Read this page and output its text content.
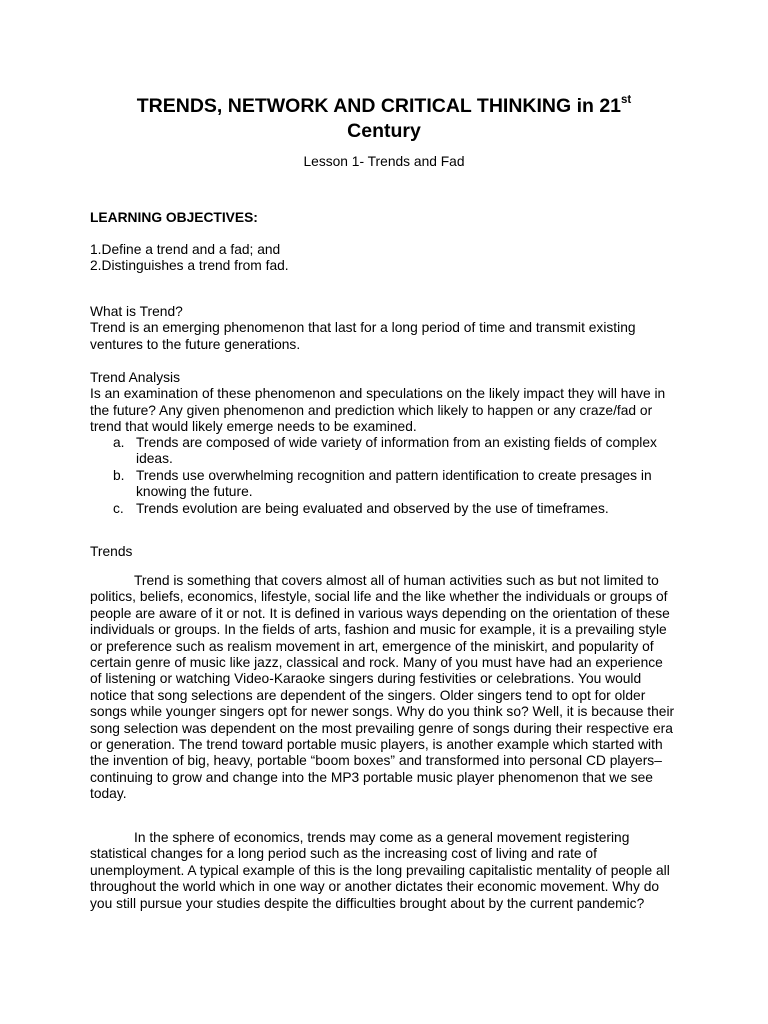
TRENDS, NETWORK AND CRITICAL THINKING in 21st
Century
Lesson 1- Trends and Fad
LEARNING OBJECTIVES:
1.Define a trend and a fad; and
2.Distinguishes a trend from fad.
What is Trend?
Trend is an emerging phenomenon that last for a long period of time and transmit existing
ventures to the future generations.
Trend Analysis
Is an examination of these phenomenon and speculations on the likely impact they will have in
the future? Any given phenomenon and prediction which likely to happen or any craze/fad or
trend that would likely emerge needs to be examined.
a. Trends are composed of wide variety of information from an existing fields of complex
ideas.
b. Trends use overwhelming recognition and pattern identification to create presages in
knowing the future.
c. Trends evolution are being evaluated and observed by the use of timeframes.
Trends
Trend is something that covers almost all of human activities such as but not limited to
politics, beliefs, economics, lifestyle, social life and the like whether the individuals or groups of
people are aware of it or not. It is defined in various ways depending on the orientation of these
individuals or groups. In the fields of arts, fashion and music for example, it is a prevailing style
or preference such as realism movement in art, emergence of the miniskirt, and popularity of
certain genre of music like jazz, classical and rock. Many of you must have had an experience
of listening or watching Video-Karaoke singers during festivities or celebrations. You would
notice that song selections are dependent of the singers. Older singers tend to opt for older
songs while younger singers opt for newer songs. Why do you think so? Well, it is because their
song selection was dependent on the most prevailing genre of songs during their respective era
or generation. The trend toward portable music players, is another example which started with
the invention of big, heavy, portable “boom boxes” and transformed into personal CD players–
continuing to grow and change into the MP3 portable music player phenomenon that we see
today.
In the sphere of economics, trends may come as a general movement registering
statistical changes for a long period such as the increasing cost of living and rate of
unemployment. A typical example of this is the long prevailing capitalistic mentality of people all
throughout the world which in one way or another dictates their economic movement. Why do
you still pursue your studies despite the difficulties brought about by the current pandemic?
